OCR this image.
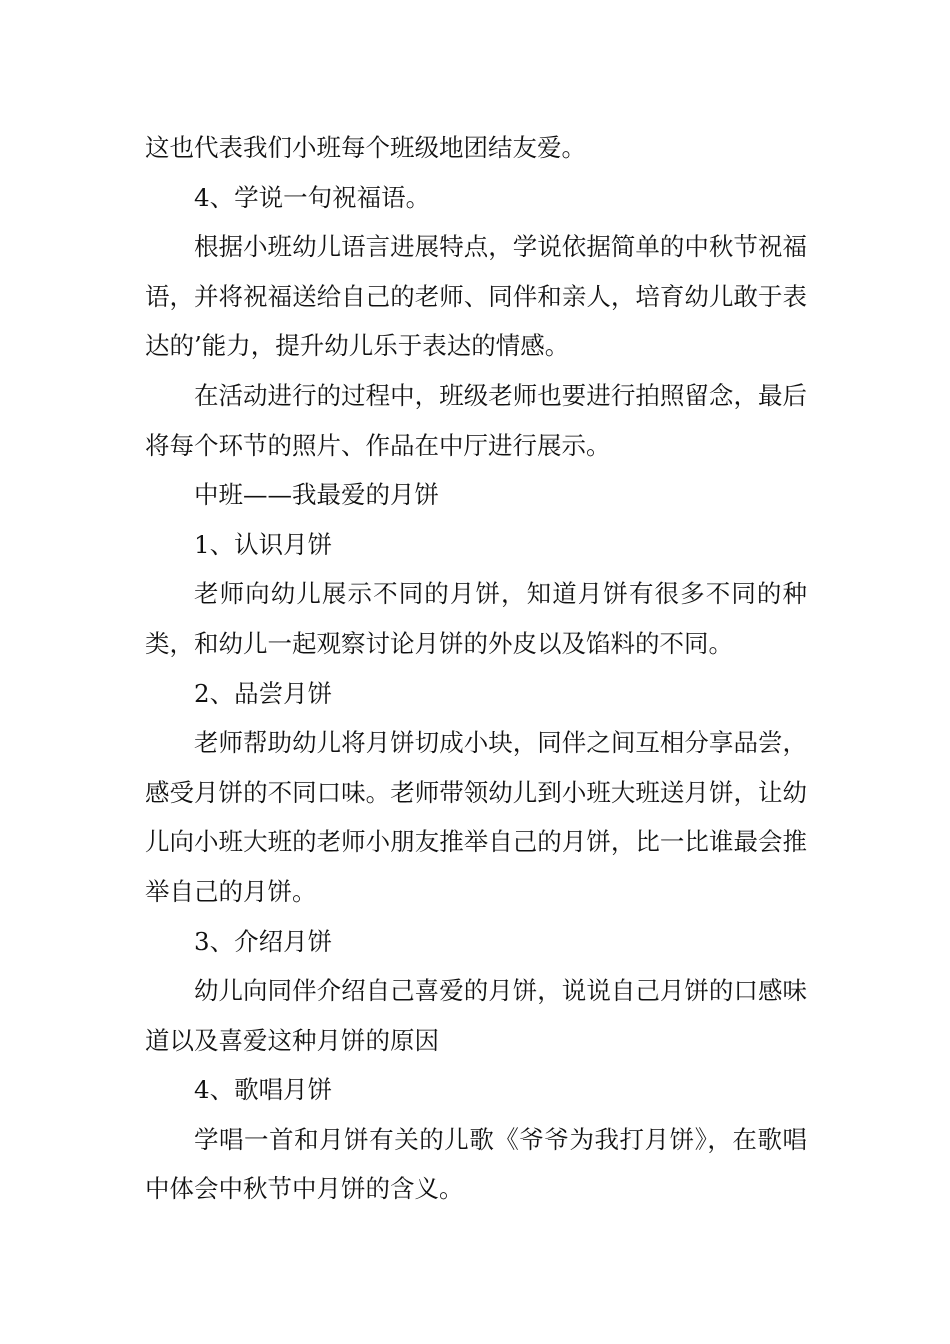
这也代表我们小班每个班级地团结友爱。

4、学说一句祝福语。

根据小班幼儿语言进展特点，学说依据简单的中秋节祝福语，并将祝福送给自己的老师、同伴和亲人，培育幼儿敢于表达的’能力，提升幼儿乐于表达的情感。

在活动进行的过程中，班级老师也要进行拍照留念，最后将每个环节的照片、作品在中厅进行展示。

中班——我最爱的月饼

1、认识月饼

老师向幼儿展示不同的月饼，知道月饼有很多不同的种类，和幼儿一起观察讨论月饼的外皮以及馅料的不同。

2、品尝月饼

老师帮助幼儿将月饼切成小块，同伴之间互相分享品尝，感受月饼的不同口味。老师带领幼儿到小班大班送月饼，让幼儿向小班大班的老师小朋友推举自己的月饼，比一比谁最会推举自己的月饼。

3、介绍月饼

幼儿向同伴介绍自己喜爱的月饼，说说自己月饼的口感味道以及喜爱这种月饼的原因

4、歌唱月饼

学唱一首和月饼有关的儿歌《爷爷为我打月饼》，在歌唱中体会中秋节中月饼的含义。
